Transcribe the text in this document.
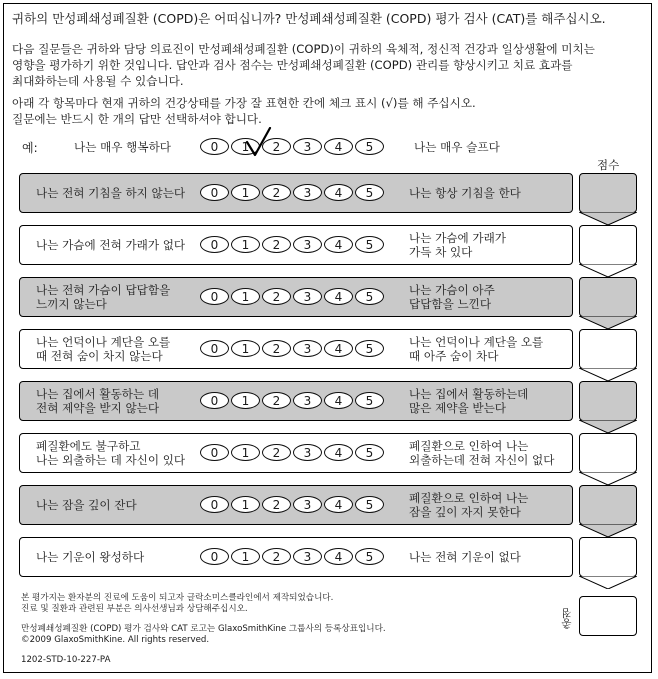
귀하의 만성폐쇄성폐질환 (COPD)은 어떠십니까? 만성폐쇄성폐질환 (COPD) 평가 검사 (CAT)를 해주십시오.
다음 질문들은 귀하와 담당 의료진이 만성폐쇄성폐질환 (COPD)이 귀하의 육체적, 정신적 건강과 일상생활에 미치는
영향을 평가하기 위한 것입니다. 답안과 검사 점수는 만성폐쇄성폐질환 (COPD) 관리를 향상시키고 치료 효과를
최대화하는데 사용될 수 있습니다.
아래 각 항목마다 현재 귀하의 건강상태를 가장 잘 표현한 칸에 체크 표시 (√)를 해 주십시오.
질문에는 반드시 한 개의 답만 선택하셔야 합니다.
예:	나는 매우 행복하다	0	1	2	3	4	5	나는 매우 슬프다
점수
나는 전혀 기침을 하지 않는다	0	1	2	3	4	5	나는 항상 기침을 한다
나는 가슴에 전혀 가래가 없다	0	1	2	3	4	5	나는 가슴에 가래가
가득 차 있다
나는 전혀 가슴이 답답함을
느끼지 않는다
0	1	2	3	4	5	나는 가슴이 아주
답답함을 느낀다
나는 언덕이나 계단을 오를
때 전혀 숨이 차지 않는다
0	1	2	3	4	5	나는 언덕이나 계단을 오를
때 아주 숨이 차다
나는 집에서 활동하는 데
전혀 제약을 받지 않는다
0	1	2	3	4	5	나는 집에서 활동하는데
많은 제약을 받는다
폐질환에도 불구하고
나는 외출하는 데 자신이 있다
0	1	2	3	4	5	폐질환으로 인하여 나는
외출하는데 전혀 자신이 없다
나는 잠을 깊이 잔다	0	1	2	3	4	5	폐질환으로 인하여 나는
잠을 깊이 자지 못한다
나는 기운이 왕성하다	0	1	2	3	4	5	나는 전혀 기운이 없다
본 평가지는 환자분의 진료에 도움이 되고자 글락소미스클라인에서 제작되었습니다.
진료 및 질환과 관련된 부분은 의사선생님과 상담해주십시오.
만성폐쇄성폐질환 (COPD) 평가 검사와 CAT 로고는 GlaxoSmithKine 그룹사의 등록상표입니다.
©2009 GlaxoSmithKine. All rights reserved.
1202-STD-10-227-PA
총점
